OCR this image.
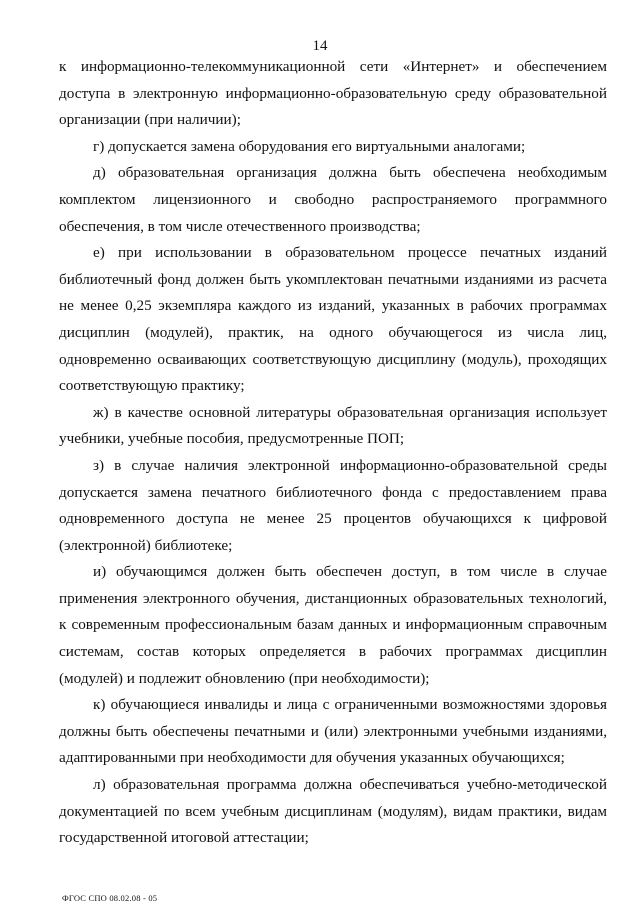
14

к информационно-телекоммуникационной сети «Интернет» и обеспечением доступа в электронную информационно-образовательную среду образовательной организации (при наличии);

г) допускается замена оборудования его виртуальными аналогами;

д) образовательная организация должна быть обеспечена необходимым комплектом лицензионного и свободно распространяемого программного обеспечения, в том числе отечественного производства;

е) при использовании в образовательном процессе печатных изданий библиотечный фонд должен быть укомплектован печатными изданиями из расчета не менее 0,25 экземпляра каждого из изданий, указанных в рабочих программах дисциплин (модулей), практик, на одного обучающегося из числа лиц, одновременно осваивающих соответствующую дисциплину (модуль), проходящих соответствующую практику;

ж) в качестве основной литературы образовательная организация использует учебники, учебные пособия, предусмотренные ПОП;

з) в случае наличия электронной информационно-образовательной среды допускается замена печатного библиотечного фонда с предоставлением права одновременного доступа не менее 25 процентов обучающихся к цифровой (электронной) библиотеке;

и) обучающимся должен быть обеспечен доступ, в том числе в случае применения электронного обучения, дистанционных образовательных технологий, к современным профессиональным базам данных и информационным справочным системам, состав которых определяется в рабочих программах дисциплин (модулей) и подлежит обновлению (при необходимости);

к) обучающиеся инвалиды и лица с ограниченными возможностями здоровья должны быть обеспечены печатными и (или) электронными учебными изданиями, адаптированными при необходимости для обучения указанных обучающихся;

л) образовательная программа должна обеспечиваться учебно-методической документацией по всем учебным дисциплинам (модулям), видам практики, видам государственной итоговой аттестации;

ФГОС СПО 08.02.08 - 05
